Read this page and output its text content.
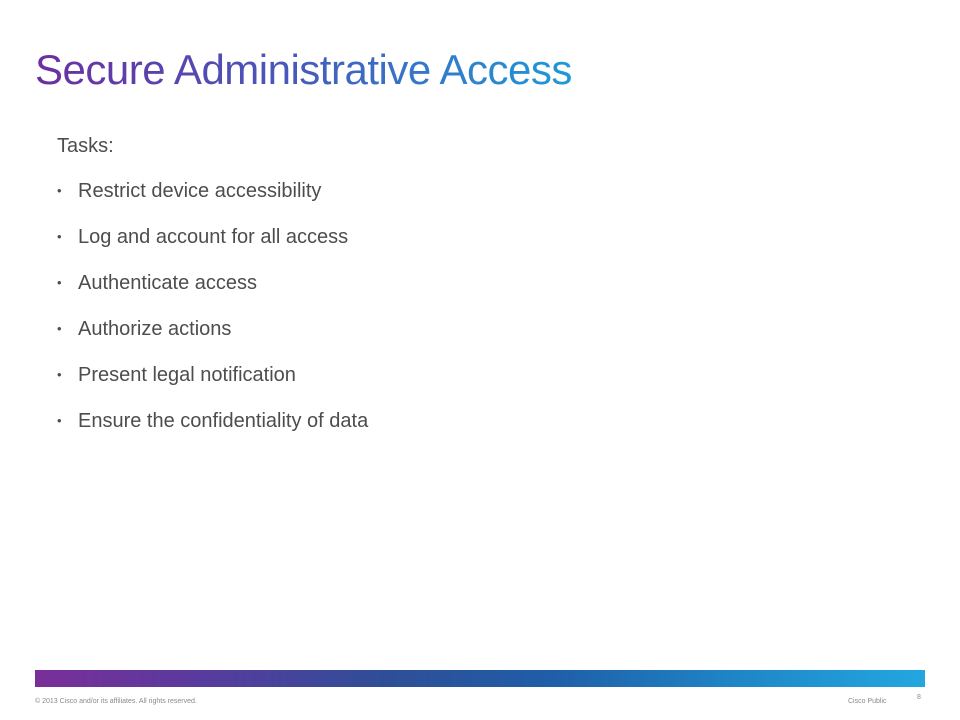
Secure Administrative Access

Tasks:

• Restrict device accessibility
• Log and account for all access
• Authenticate access
• Authorize actions
• Present legal notification
• Ensure the confidentiality of data
© 2013 Cisco and/or its affiliates. All rights reserved.	Cisco Public
8
